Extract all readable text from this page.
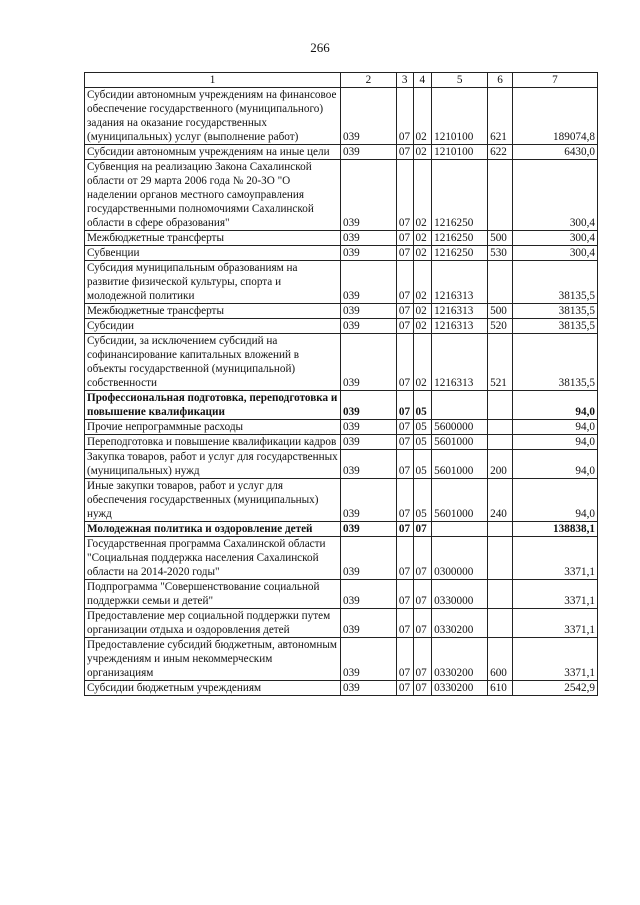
266
1	2	3	4	5	6	7
Субсидии автономным учреждениям на финансовое обеспечение государственного (муниципального) задания на оказание государственных (муниципальных) услуг (выполнение работ)	039	07	02	1210100	621	189074,8
Субсидии автономным учреждениям на иные цели	039	07	02	1210100	622	6430,0
Субвенция на реализацию Закона Сахалинской области от 29 марта 2006 года № 20-ЗО "О наделении органов местного самоуправления государственными полномочиями Сахалинской области в сфере образования"	039	07	02	1216250		300,4
Межбюджетные трансферты	039	07	02	1216250	500	300,4
Субвенции	039	07	02	1216250	530	300,4
Субсидия муниципальным образованиям на развитие физической культуры, спорта и молодежной политики	039	07	02	1216313		38135,5
Межбюджетные трансферты	039	07	02	1216313	500	38135,5
Субсидии	039	07	02	1216313	520	38135,5
Субсидии, за исключением субсидий на софинансирование капитальных вложений в объекты государственной (муниципальной) собственности	039	07	02	1216313	521	38135,5
Профессиональная подготовка, переподготовка и повышение квалификации	039	07	05			94,0
Прочие непрограммные расходы	039	07	05	5600000		94,0
Переподготовка и повышение квалификации кадров	039	07	05	5601000		94,0
Закупка товаров, работ и услуг для государственных (муниципальных) нужд	039	07	05	5601000	200	94,0
Иные закупки товаров, работ и услуг для обеспечения государственных (муниципальных) нужд	039	07	05	5601000	240	94,0
Молодежная политика и оздоровление детей	039	07	07			138838,1
Государственная программа Сахалинской области "Социальная поддержка населения Сахалинской области на 2014-2020 годы"	039	07	07	0300000		3371,1
Подпрограмма "Совершенствование социальной поддержки семьи и детей"	039	07	07	0330000		3371,1
Предоставление мер социальной поддержки путем организации отдыха и оздоровления детей	039	07	07	0330200		3371,1
Предоставление субсидий бюджетным, автономным учреждениям и иным некоммерческим организациям	039	07	07	0330200	600	3371,1
Субсидии бюджетным учреждениям	039	07	07	0330200	610	2542,9
